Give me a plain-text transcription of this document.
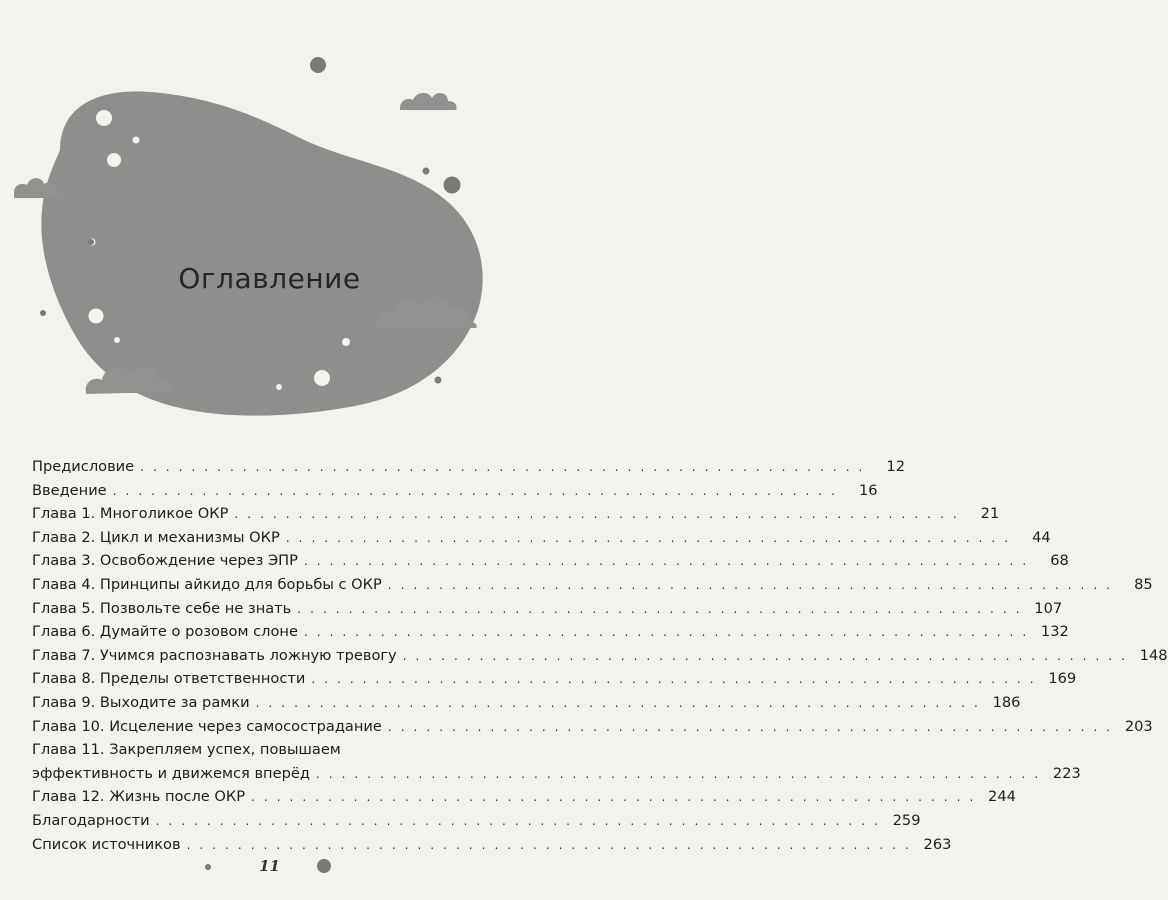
Оглавление
Предисловие . . . . . . . . . . . . . . . . . . . . . . . . . . . . . . . . . . . . . . . . . . . . . . . . . . . . . . . . .	12
Введение . . . . . . . . . . . . . . . . . . . . . . . . . . . . . . . . . . . . . . . . . . . . . . . . . . . . . . . . .	16
Глава 1. Многоликое ОКР . . . . . . . . . . . . . . . . . . . . . . . . . . . . . . . . . . . . . . . . . . . . . . . . . . . . . . . . .	21
Глава 2. Цикл и механизмы ОКР . . . . . . . . . . . . . . . . . . . . . . . . . . . . . . . . . . . . . . . . . . . . . . . . . . . . . . . . .	44
Глава 3. Освобождение через ЭПР . . . . . . . . . . . . . . . . . . . . . . . . . . . . . . . . . . . . . . . . . . . . . . . . . . . . . . . . .	68
Глава 4. Принципы айкидо для борьбы с ОКР . . . . . . . . . . . . . . . . . . . . . . . . . . . . . . . . . . . . . . . . . . . . . . . . . . . . . . . . .	85
Глава 5. Позвольте себе не знать . . . . . . . . . . . . . . . . . . . . . . . . . . . . . . . . . . . . . . . . . . . . . . . . . . . . . . . . . 107
Глава 6. Думайте о розовом слоне . . . . . . . . . . . . . . . . . . . . . . . . . . . . . . . . . . . . . . . . . . . . . . . . . . . . . . . . . 132
Глава 7. Учимся распознавать ложную тревогу . . . . . . . . . . . . . . . . . . . . . . . . . . . . . . . . . . . . . . . . . . . . . . . . . . . . . . . . . 148
Глава 8. Пределы ответственности . . . . . . . . . . . . . . . . . . . . . . . . . . . . . . . . . . . . . . . . . . . . . . . . . . . . . . . . . 169
Глава 9. Выходите за рамки . . . . . . . . . . . . . . . . . . . . . . . . . . . . . . . . . . . . . . . . . . . . . . . . . . . . . . . . . 186
Глава 10. Исцеление через самосострадание . . . . . . . . . . . . . . . . . . . . . . . . . . . . . . . . . . . . . . . . . . . . . . . . . . . . . . . . . 203
Глава 11. Закрепляем успех, повышаем
эффективность и движемся вперёд . . . . . . . . . . . . . . . . . . . . . . . . . . . . . . . . . . . . . . . . . . . . . . . . . . . . . . . . . 223
Глава 12. Жизнь после ОКР . . . . . . . . . . . . . . . . . . . . . . . . . . . . . . . . . . . . . . . . . . . . . . . . . . . . . . . . . 244
Благодарности . . . . . . . . . . . . . . . . . . . . . . . . . . . . . . . . . . . . . . . . . . . . . . . . . . . . . . . . . 259
Список источников . . . . . . . . . . . . . . . . . . . . . . . . . . . . . . . . . . . . . . . . . . . . . . . . . . . . . . . . . 263
11
